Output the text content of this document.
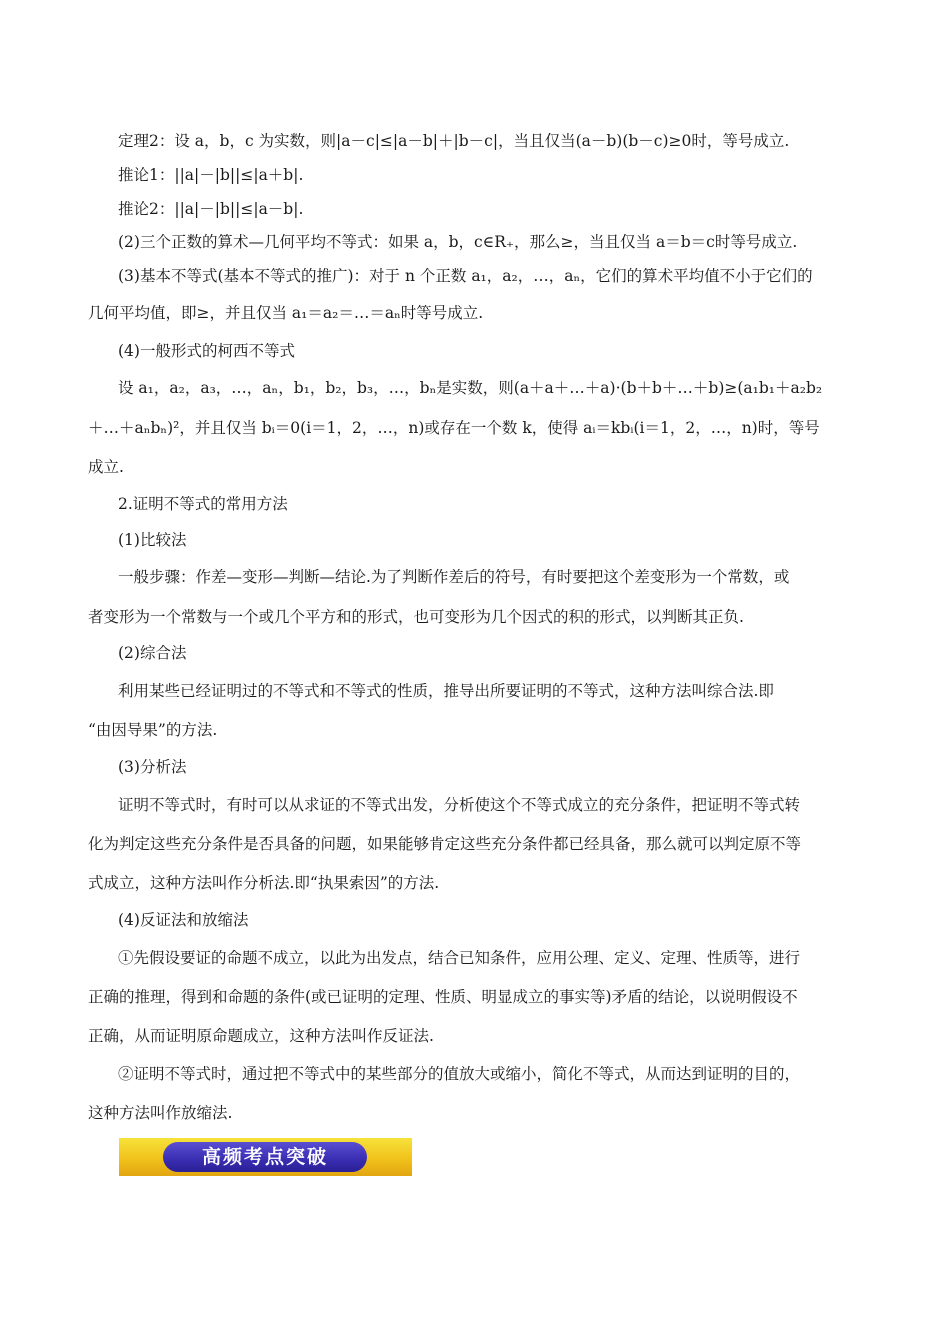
定理2：设 a，b，c 为实数，则|a－c|≤|a－b|＋|b－c|，当且仅当(a－b)(b－c)≥0时，等号成立.
推论1：||a|－|b||≤|a＋b|.
推论2：||a|－|b||≤|a－b|.
(2)三个正数的算术—几何平均不等式：如果 a，b，c∈R₊，那么≥，当且仅当 a＝b＝c时等号成立.
(3)基本不等式(基本不等式的推广)：对于 n 个正数 a₁，a₂，…，aₙ，它们的算术平均值不小于它们的
几何平均值，即≥，并且仅当 a₁＝a₂＝…＝aₙ时等号成立.
(4)一般形式的柯西不等式
设 a₁，a₂，a₃，…，aₙ，b₁，b₂，b₃，…，bₙ是实数，则(a＋a＋…＋a)·(b＋b＋…＋b)≥(a₁b₁＋a₂b₂
＋…＋aₙbₙ)²，并且仅当 bᵢ＝0(i＝1，2，…，n)或存在一个数 k，使得 aᵢ＝kbᵢ(i＝1，2，…，n)时，等号
成立.
2.证明不等式的常用方法
(1)比较法
一般步骤：作差—变形—判断—结论.为了判断作差后的符号，有时要把这个差变形为一个常数，或
者变形为一个常数与一个或几个平方和的形式，也可变形为几个因式的积的形式，以判断其正负.
(2)综合法
利用某些已经证明过的不等式和不等式的性质，推导出所要证明的不等式，这种方法叫综合法.即
“由因导果”的方法.
(3)分析法
证明不等式时，有时可以从求证的不等式出发，分析使这个不等式成立的充分条件，把证明不等式转
化为判定这些充分条件是否具备的问题，如果能够肯定这些充分条件都已经具备，那么就可以判定原不等
式成立，这种方法叫作分析法.即“执果索因”的方法.
(4)反证法和放缩法
①先假设要证的命题不成立，以此为出发点，结合已知条件，应用公理、定义、定理、性质等，进行
正确的推理，得到和命题的条件(或已证明的定理、性质、明显成立的事实等)矛盾的结论，以说明假设不
正确，从而证明原命题成立，这种方法叫作反证法.
②证明不等式时，通过把不等式中的某些部分的值放大或缩小，简化不等式，从而达到证明的目的，
这种方法叫作放缩法.
高频考点突破
